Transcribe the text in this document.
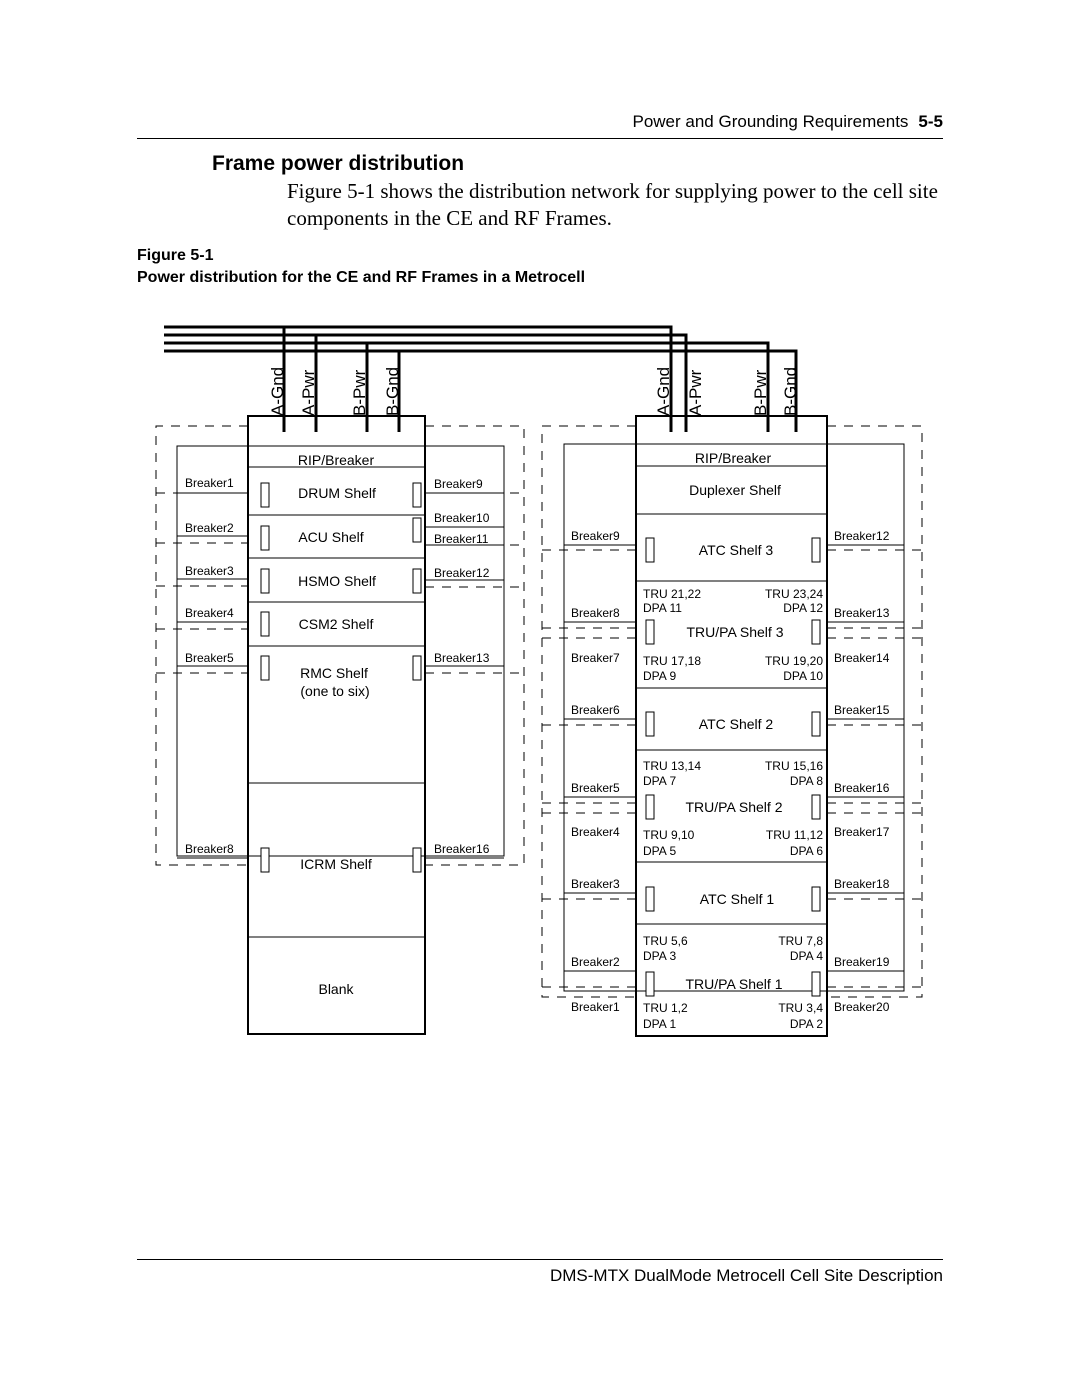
Power and Grounding Requirements 5-5
Frame power distribution
Figure 5-1 shows the distribution network for supplying power to the cell site components in the CE and RF Frames.
Figure 5-1
Power distribution for the CE and RF Frames in a Metrocell
A-Gnd A-Pwr B-Pwr B-Gnd	A-Gnd A-Pwr	B-Pwr B-Gnd
RIP/Breaker
DRUM Shelf
ACU Shelf
HSMO Shelf
CSM2 Shelf
RMC Shelf
(one to six)
ICRM Shelf
Blank
Breaker1
Breaker2
Breaker3
Breaker4
Breaker5
Breaker8
Breaker9
Breaker10
Breaker11
Breaker12
Breaker13
Breaker16
RIP/Breaker
Duplexer Shelf
ATC Shelf 3
TRU/PA Shelf 3
ATC Shelf 2
TRU/PA Shelf 2
ATC Shelf 1
TRU/PA Shelf 1
TRU 21,22	TRU 23,24
DPA 11	DPA 12
TRU 17,18	TRU 19,20
DPA 9	DPA 10
TRU 13,14	TRU 15,16
DPA 7	DPA 8
TRU 9,10	TRU 11,12
DPA 5	DPA 6
TRU 5,6	TRU 7,8
DPA 3	DPA 4
TRU 1,2	TRU 3,4
DPA 1	DPA 2
Breaker9
Breaker8
Breaker7
Breaker6
Breaker5
Breaker4
Breaker3
Breaker2
Breaker1
Breaker12
Breaker13
Breaker14
Breaker15
Breaker16
Breaker17
Breaker18
Breaker19
Breaker20
DMS-MTX DualMode Metrocell Cell Site Description
